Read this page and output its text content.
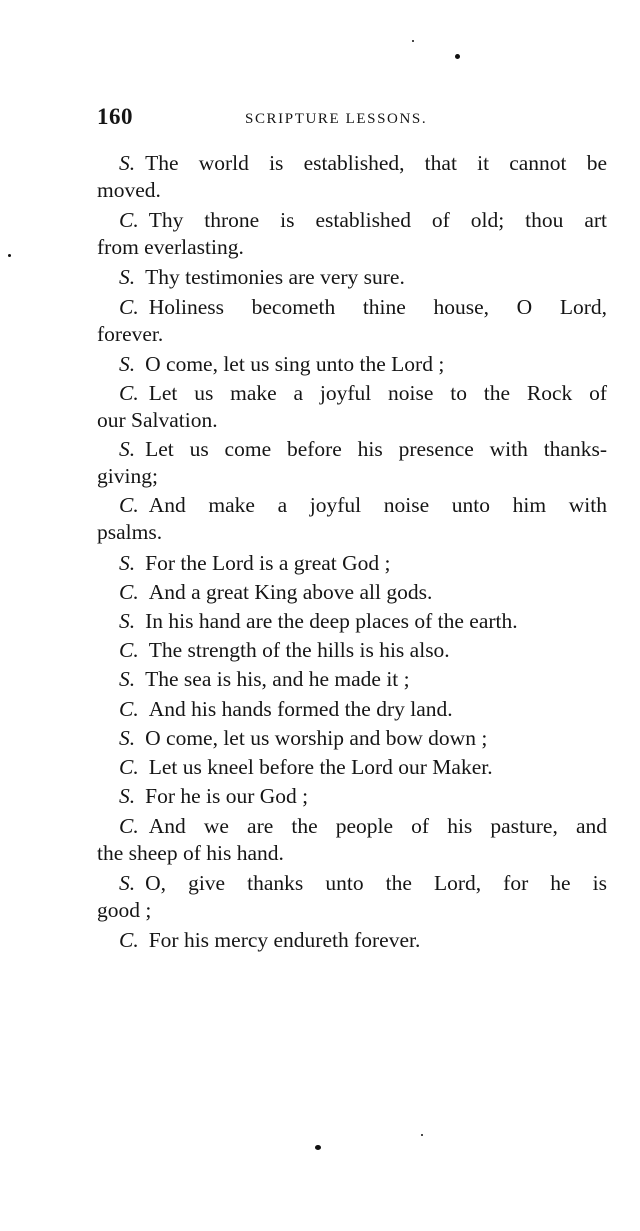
160	SCRIPTURE LESSONS.
S. The world is established, that it cannot be
moved.
C. Thy throne is established of old; thou art
from everlasting.
S. Thy testimonies are very sure.
C. Holiness becometh thine house, O Lord,
forever.
S. O come, let us sing unto the Lord ;
C. Let us make a joyful noise to the Rock of
our Salvation.
S. Let us come before his presence with thanks-
giving;
C. And make a joyful noise unto him with
psalms.
S. For the Lord is a great God ;
C. And a great King above all gods.
S. In his hand are the deep places of the earth.
C. The strength of the hills is his also.
S. The sea is his, and he made it ;
C. And his hands formed the dry land.
S. O come, let us worship and bow down ;
C. Let us kneel before the Lord our Maker.
S. For he is our God ;
C. And we are the people of his pasture, and
the sheep of his hand.
S. O, give thanks unto the Lord, for he is
good ;
C. For his mercy endureth forever.
